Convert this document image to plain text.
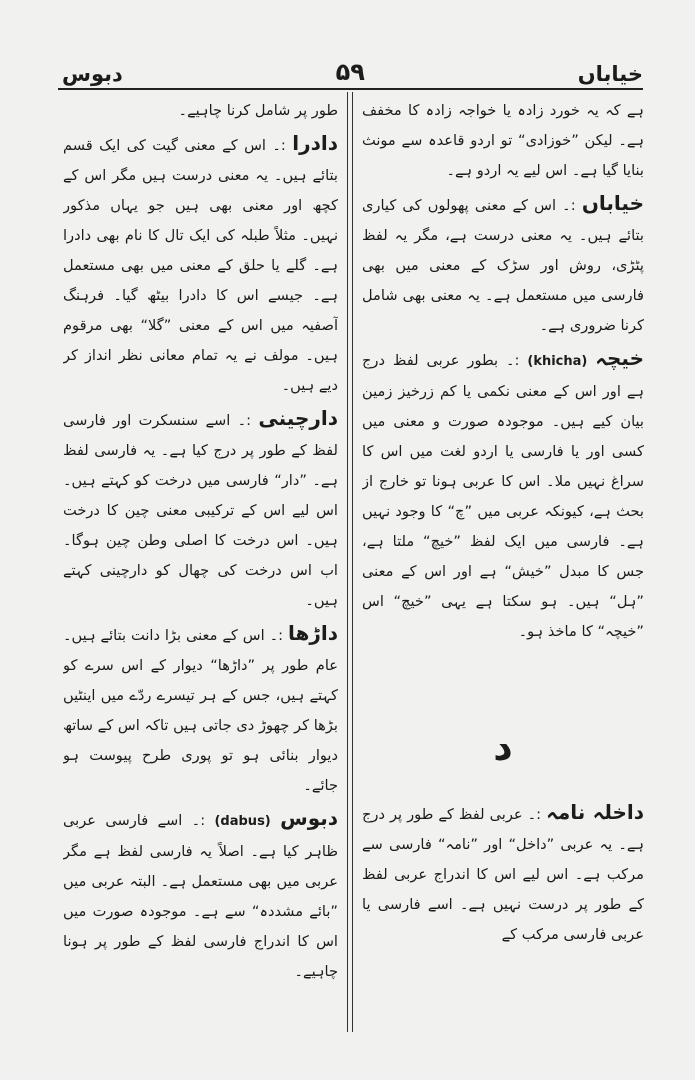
دبوس	۵۹	خیاباں

ہے کہ یہ خورد زادہ یا خواجہ زادہ کا مخفف ہے۔ لیکن ”خوزادی“ تو اردو قاعدہ سے مونث بنایا گیا ہے۔ اس لیے یہ اردو ہے۔

خیاباں :۔ اس کے معنی پھولوں کی کیاری بتائے ہیں۔ یہ معنی درست ہے، مگر یہ لفظ پٹڑی، روش اور سڑک کے معنی میں بھی فارسی میں مستعمل ہے۔ یہ معنی بھی شامل کرنا ضروری ہے۔

خیچہ (khicha) :۔ بطور عربی لفظ درج ہے اور اس کے معنی نکمی یا کم زرخیز زمین بیان کیے ہیں۔ موجودہ صورت و معنی میں کسی اور یا فارسی یا اردو لغت میں اس کا سراغ نہیں ملا۔ اس کا عربی ہونا تو خارج از بحث ہے، کیونکہ عربی میں ”چ“ کا وجود نہیں ہے۔ فارسی میں ایک لفظ ”خیچ“ ملتا ہے، جس کا مبدل ”خیش“ ہے اور اس کے معنی ”ہل“ ہیں۔ ہو سکتا ہے یہی ”خیچ“ اس ”خیچہ“ کا ماخذ ہو۔

د

داخلہ نامہ :۔ عربی لفظ کے طور پر درج ہے۔ یہ عربی ”داخل“ اور ”نامہ“ فارسی سے مرکب ہے۔ اس لیے اس کا اندراج عربی لفظ کے طور پر درست نہیں ہے۔ اسے فارسی یا عربی فارسی مرکب کے

طور پر شامل کرنا چاہیے۔

دادرا :۔ اس کے معنی گیت کی ایک قسم بتائے ہیں۔ یہ معنی درست ہیں مگر اس کے کچھ اور معنی بھی ہیں جو یہاں مذکور نہیں۔ مثلاً طبلہ کی ایک تال کا نام بھی دادرا ہے۔ گلے یا حلق کے معنی میں بھی مستعمل ہے۔ جیسے اس کا دادرا بیٹھ گیا۔ فرہنگ آصفیہ میں اس کے معنی ”گلا“ بھی مرقوم ہیں۔ مولف نے یہ تمام معانی نظر انداز کر دیے ہیں۔

دارچینی :۔ اسے سنسکرت اور فارسی لفظ کے طور پر درج کیا ہے۔ یہ فارسی لفظ ہے۔ ”دار“ فارسی میں درخت کو کہتے ہیں۔ اس لیے اس کے ترکیبی معنی چین کا درخت ہیں۔ اس درخت کا اصلی وطن چین ہوگا۔ اب اس درخت کی چھال کو دارچینی کہتے ہیں۔

داڑھا :۔ اس کے معنی بڑا دانت بتائے ہیں۔ عام طور پر ”داڑھا“ دیوار کے اس سرے کو کہتے ہیں، جس کے ہر تیسرے ردّے میں اینٹیں بڑھا کر چھوڑ دی جاتی ہیں تاکہ اس کے ساتھ دیوار بنائی ہو تو پوری طرح پیوست ہو جائے۔

دبوس (dabus) :۔ اسے فارسی عربی ظاہر کیا ہے۔ اصلاً یہ فارسی لفظ ہے مگر عربی میں بھی مستعمل ہے۔ البتہ عربی میں ”بائے مشددہ“ سے ہے۔ موجودہ صورت میں اس کا اندراج فارسی لفظ کے طور پر ہونا چاہیے۔
